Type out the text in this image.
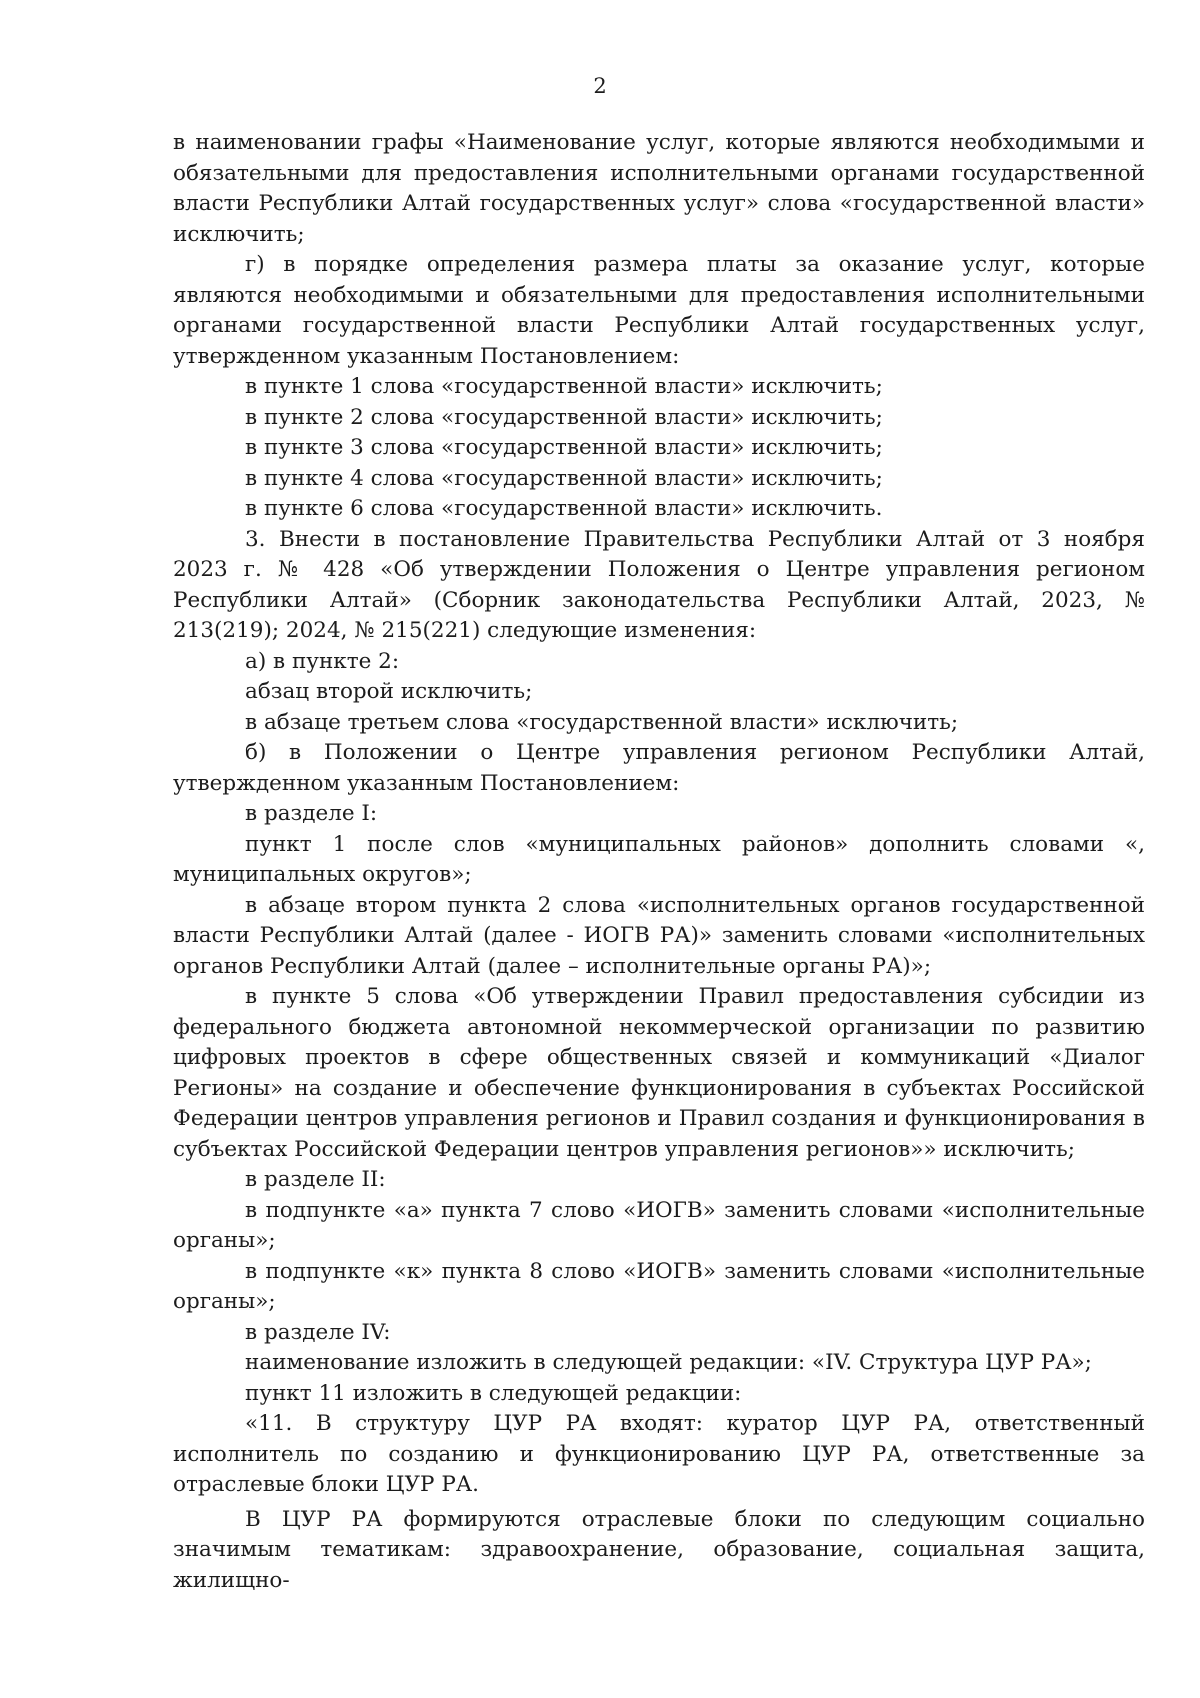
2

в наименовании графы «Наименование услуг, которые являются необходимыми и обязательными для предоставления исполнительными органами государственной власти Республики Алтай государственных услуг» слова «государственной власти» исключить;

г) в порядке определения размера платы за оказание услуг, которые являются необходимыми и обязательными для предоставления исполнительными органами государственной власти Республики Алтай государственных услуг, утвержденном указанным Постановлением:

в пункте 1 слова «государственной власти» исключить;

в пункте 2 слова «государственной власти» исключить;

в пункте 3 слова «государственной власти» исключить;

в пункте 4 слова «государственной власти» исключить;

в пункте 6 слова «государственной власти» исключить.

3. Внести в постановление Правительства Республики Алтай от 3 ноября 2023 г. № 428 «Об утверждении Положения о Центре управления регионом Республики Алтай» (Сборник законодательства Республики Алтай, 2023, № 213(219); 2024, № 215(221) следующие изменения:

а) в пункте 2:

абзац второй исключить;

в абзаце третьем слова «государственной власти» исключить;

б) в Положении о Центре управления регионом Республики Алтай, утвержденном указанным Постановлением:

в разделе I:

пункт 1 после слов «муниципальных районов» дополнить словами «, муниципальных округов»;

в абзаце втором пункта 2 слова «исполнительных органов государственной власти Республики Алтай (далее - ИОГВ РА)» заменить словами «исполнительных органов Республики Алтай (далее – исполнительные органы РА)»;

в пункте 5 слова «Об утверждении Правил предоставления субсидии из федерального бюджета автономной некоммерческой организации по развитию цифровых проектов в сфере общественных связей и коммуникаций «Диалог Регионы» на создание и обеспечение функционирования в субъектах Российской Федерации центров управления регионов и Правил создания и функционирования в субъектах Российской Федерации центров управления регионов»» исключить;

в разделе II:

в подпункте «а» пункта 7 слово «ИОГВ» заменить словами «исполнительные органы»;

в подпункте «к» пункта 8 слово «ИОГВ» заменить словами «исполнительные органы»;

в разделе IV:

наименование изложить в следующей редакции: «IV. Структура ЦУР РА»;

пункт 11 изложить в следующей редакции:

«11. В структуру ЦУР РА входят: куратор ЦУР РА, ответственный исполнитель по созданию и функционированию ЦУР РА, ответственные за отраслевые блоки ЦУР РА.

В ЦУР РА формируются отраслевые блоки по следующим социально значимым тематикам: здравоохранение, образование, социальная защита, жилищно-
